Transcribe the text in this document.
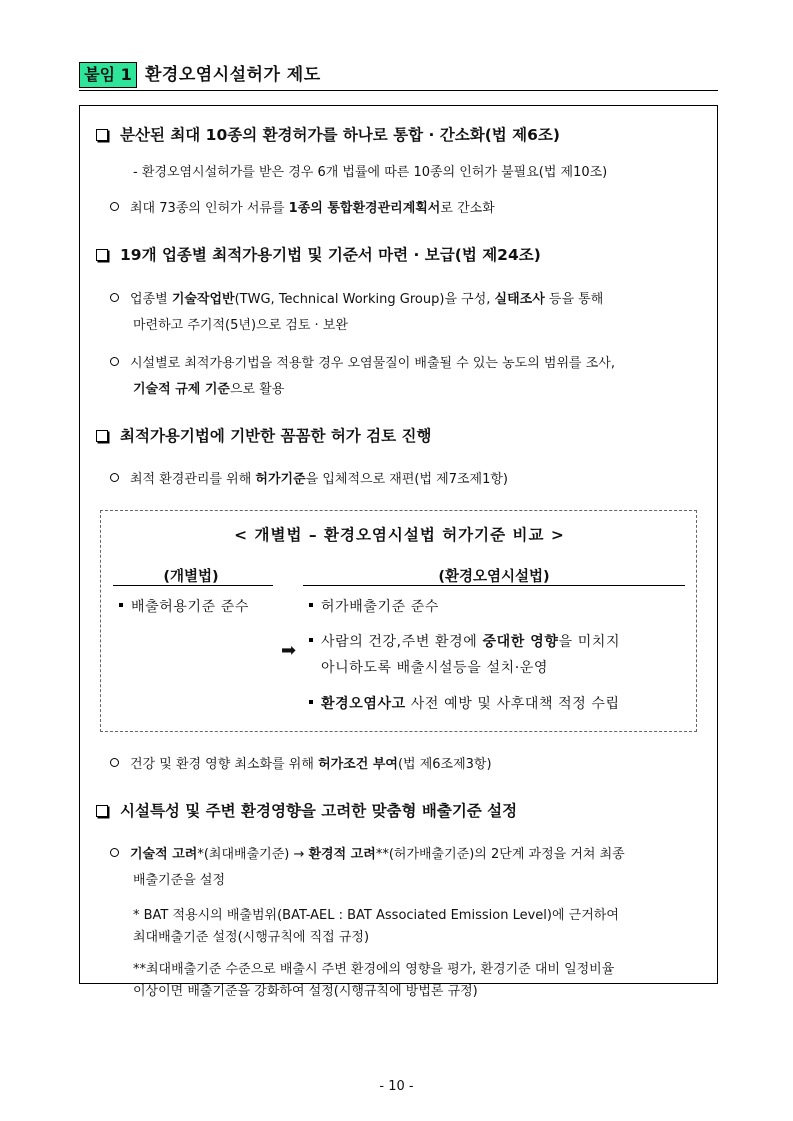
붙임 1 환경오염시설허가 제도
분산된 최대 10종의 환경허가를 하나로 통합 · 간소화(법 제6조)
- 환경오염시설허가를 받은 경우 6개 법률에 따른 10종의 인허가 불필요(법 제10조)
최대 73종의 인허가 서류를 1종의 통합환경관리계획서로 간소화
19개 업종별 최적가용기법 및 기준서 마련 · 보급(법 제24조)
업종별 기술작업반(TWG, Technical Working Group)을 구성, 실태조사 등을 통해
마련하고 주기적(5년)으로 검토 · 보완
시설별로 최적가용기법을 적용할 경우 오염물질이 배출될 수 있는 농도의 범위를 조사,
기술적 규제 기준으로 활용
최적가용기법에 기반한 꼼꼼한 허가 검토 진행
최적 환경관리를 위해 허가기준을 입체적으로 재편(법 제7조제1항)
< 개별법 – 환경오염시설법 허가기준 비교 >
(개별법)	(환경오염시설법)
배출허용기준 준수	허가배출기준 준수
➡	사람의 건강,주변 환경에 중대한 영향을 미치지
아니하도록 배출시설등을 설치·운영
환경오염사고 사전 예방 및 사후대책 적정 수립
건강 및 환경 영향 최소화를 위해 허가조건 부여(법 제6조제3항)
시설특성 및 주변 환경영향을 고려한 맞춤형 배출기준 설정
기술적 고려*(최대배출기준) → 환경적 고려**(허가배출기준)의 2단계 과정을 거쳐 최종
배출기준을 설정
* BAT 적용시의 배출범위(BAT-AEL : BAT Associated Emission Level)에 근거하여
최대배출기준 설정(시행규칙에 직접 규정)
**최대배출기준 수준으로 배출시 주변 환경에의 영향을 평가, 환경기준 대비 일정비율
이상이면 배출기준을 강화하여 설정(시행규칙에 방법론 규정)
- 10 -
